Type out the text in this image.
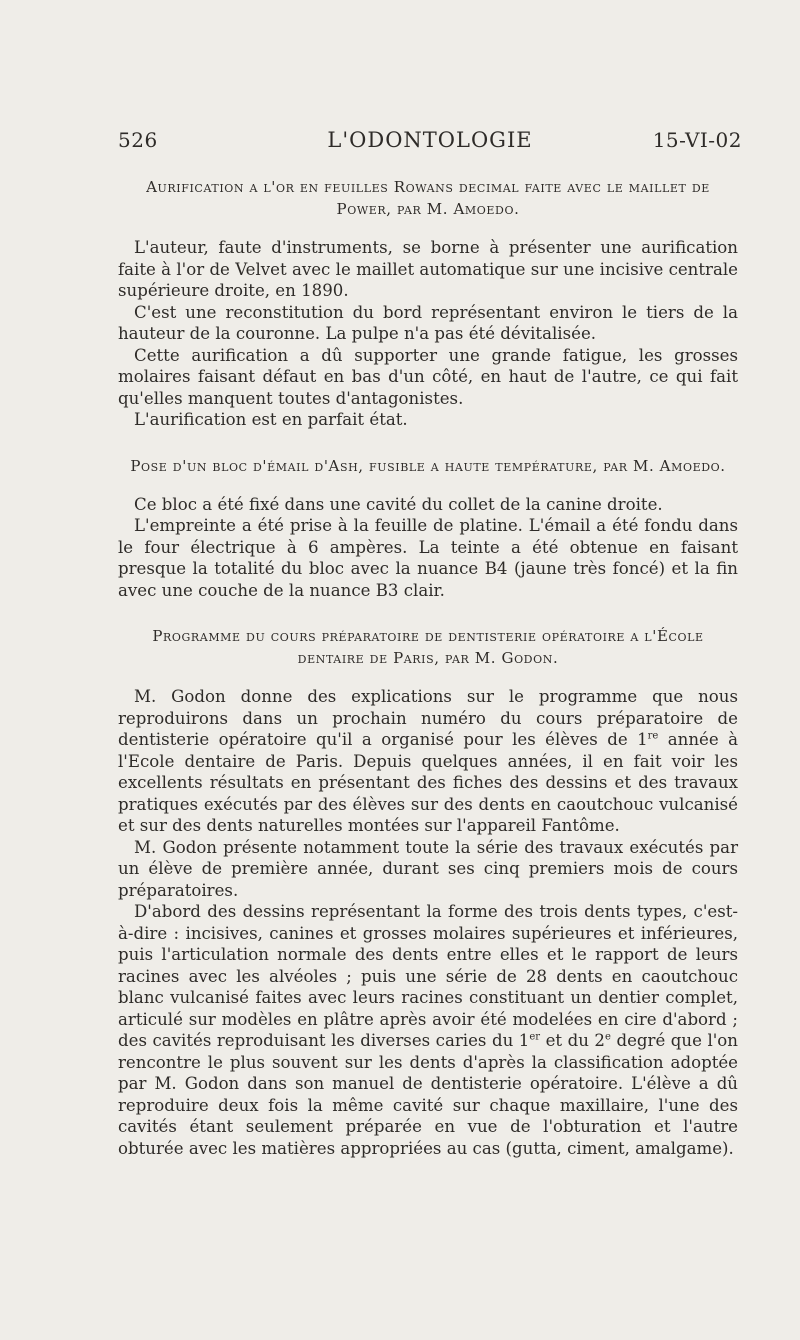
526	L'ODONTOLOGIE	15-VI-02
Aurification a l'or en feuilles Rowans decimal faite avec le maillet de Power, par M. Amoedo.

L'auteur, faute d'instruments, se borne à présenter une aurification faite à l'or de Velvet avec le maillet automatique sur une incisive centrale supérieure droite, en 1890.

C'est une reconstitution du bord représentant environ le tiers de la hauteur de la couronne. La pulpe n'a pas été dévitalisée.

Cette aurification a dû supporter une grande fatigue, les grosses molaires faisant défaut en bas d'un côté, en haut de l'autre, ce qui fait qu'elles manquent toutes d'antagonistes.

L'aurification est en parfait état.

Pose d'un bloc d'émail d'Ash, fusible a haute température, par M. Amoedo.

Ce bloc a été fixé dans une cavité du collet de la canine droite.

L'empreinte a été prise à la feuille de platine. L'émail a été fondu dans le four électrique à 6 ampères. La teinte a été obtenue en faisant presque la totalité du bloc avec la nuance B4 (jaune très foncé) et la fin avec une couche de la nuance B3 clair.

Programme du cours préparatoire de dentisterie opératoire a l'École dentaire de Paris, par M. Godon.

M. Godon donne des explications sur le programme que nous reproduirons dans un prochain numéro du cours préparatoire de dentisterie opératoire qu'il a organisé pour les élèves de 1re année à l'Ecole dentaire de Paris. Depuis quelques années, il en fait voir les excellents résultats en présentant des fiches des dessins et des travaux pratiques exécutés par des élèves sur des dents en caoutchouc vulcanisé et sur des dents naturelles montées sur l'appareil Fantôme.

M. Godon présente notamment toute la série des travaux exécutés par un élève de première année, durant ses cinq premiers mois de cours préparatoires.

D'abord des dessins représentant la forme des trois dents types, c'est-à-dire : incisives, canines et grosses molaires supérieures et inférieures, puis l'articulation normale des dents entre elles et le rapport de leurs racines avec les alvéoles ; puis une série de 28 dents en caoutchouc blanc vulcanisé faites avec leurs racines constituant un dentier complet, articulé sur modèles en plâtre après avoir été modelées en cire d'abord ; des cavités reproduisant les diverses caries du 1er et du 2e degré que l'on rencontre le plus souvent sur les dents d'après la classification adoptée par M. Godon dans son manuel de dentisterie opératoire. L'élève a dû reproduire deux fois la même cavité sur chaque maxillaire, l'une des cavités étant seulement préparée en vue de l'obturation et l'autre obturée avec les matières appropriées au cas (gutta, ciment, amalgame).
